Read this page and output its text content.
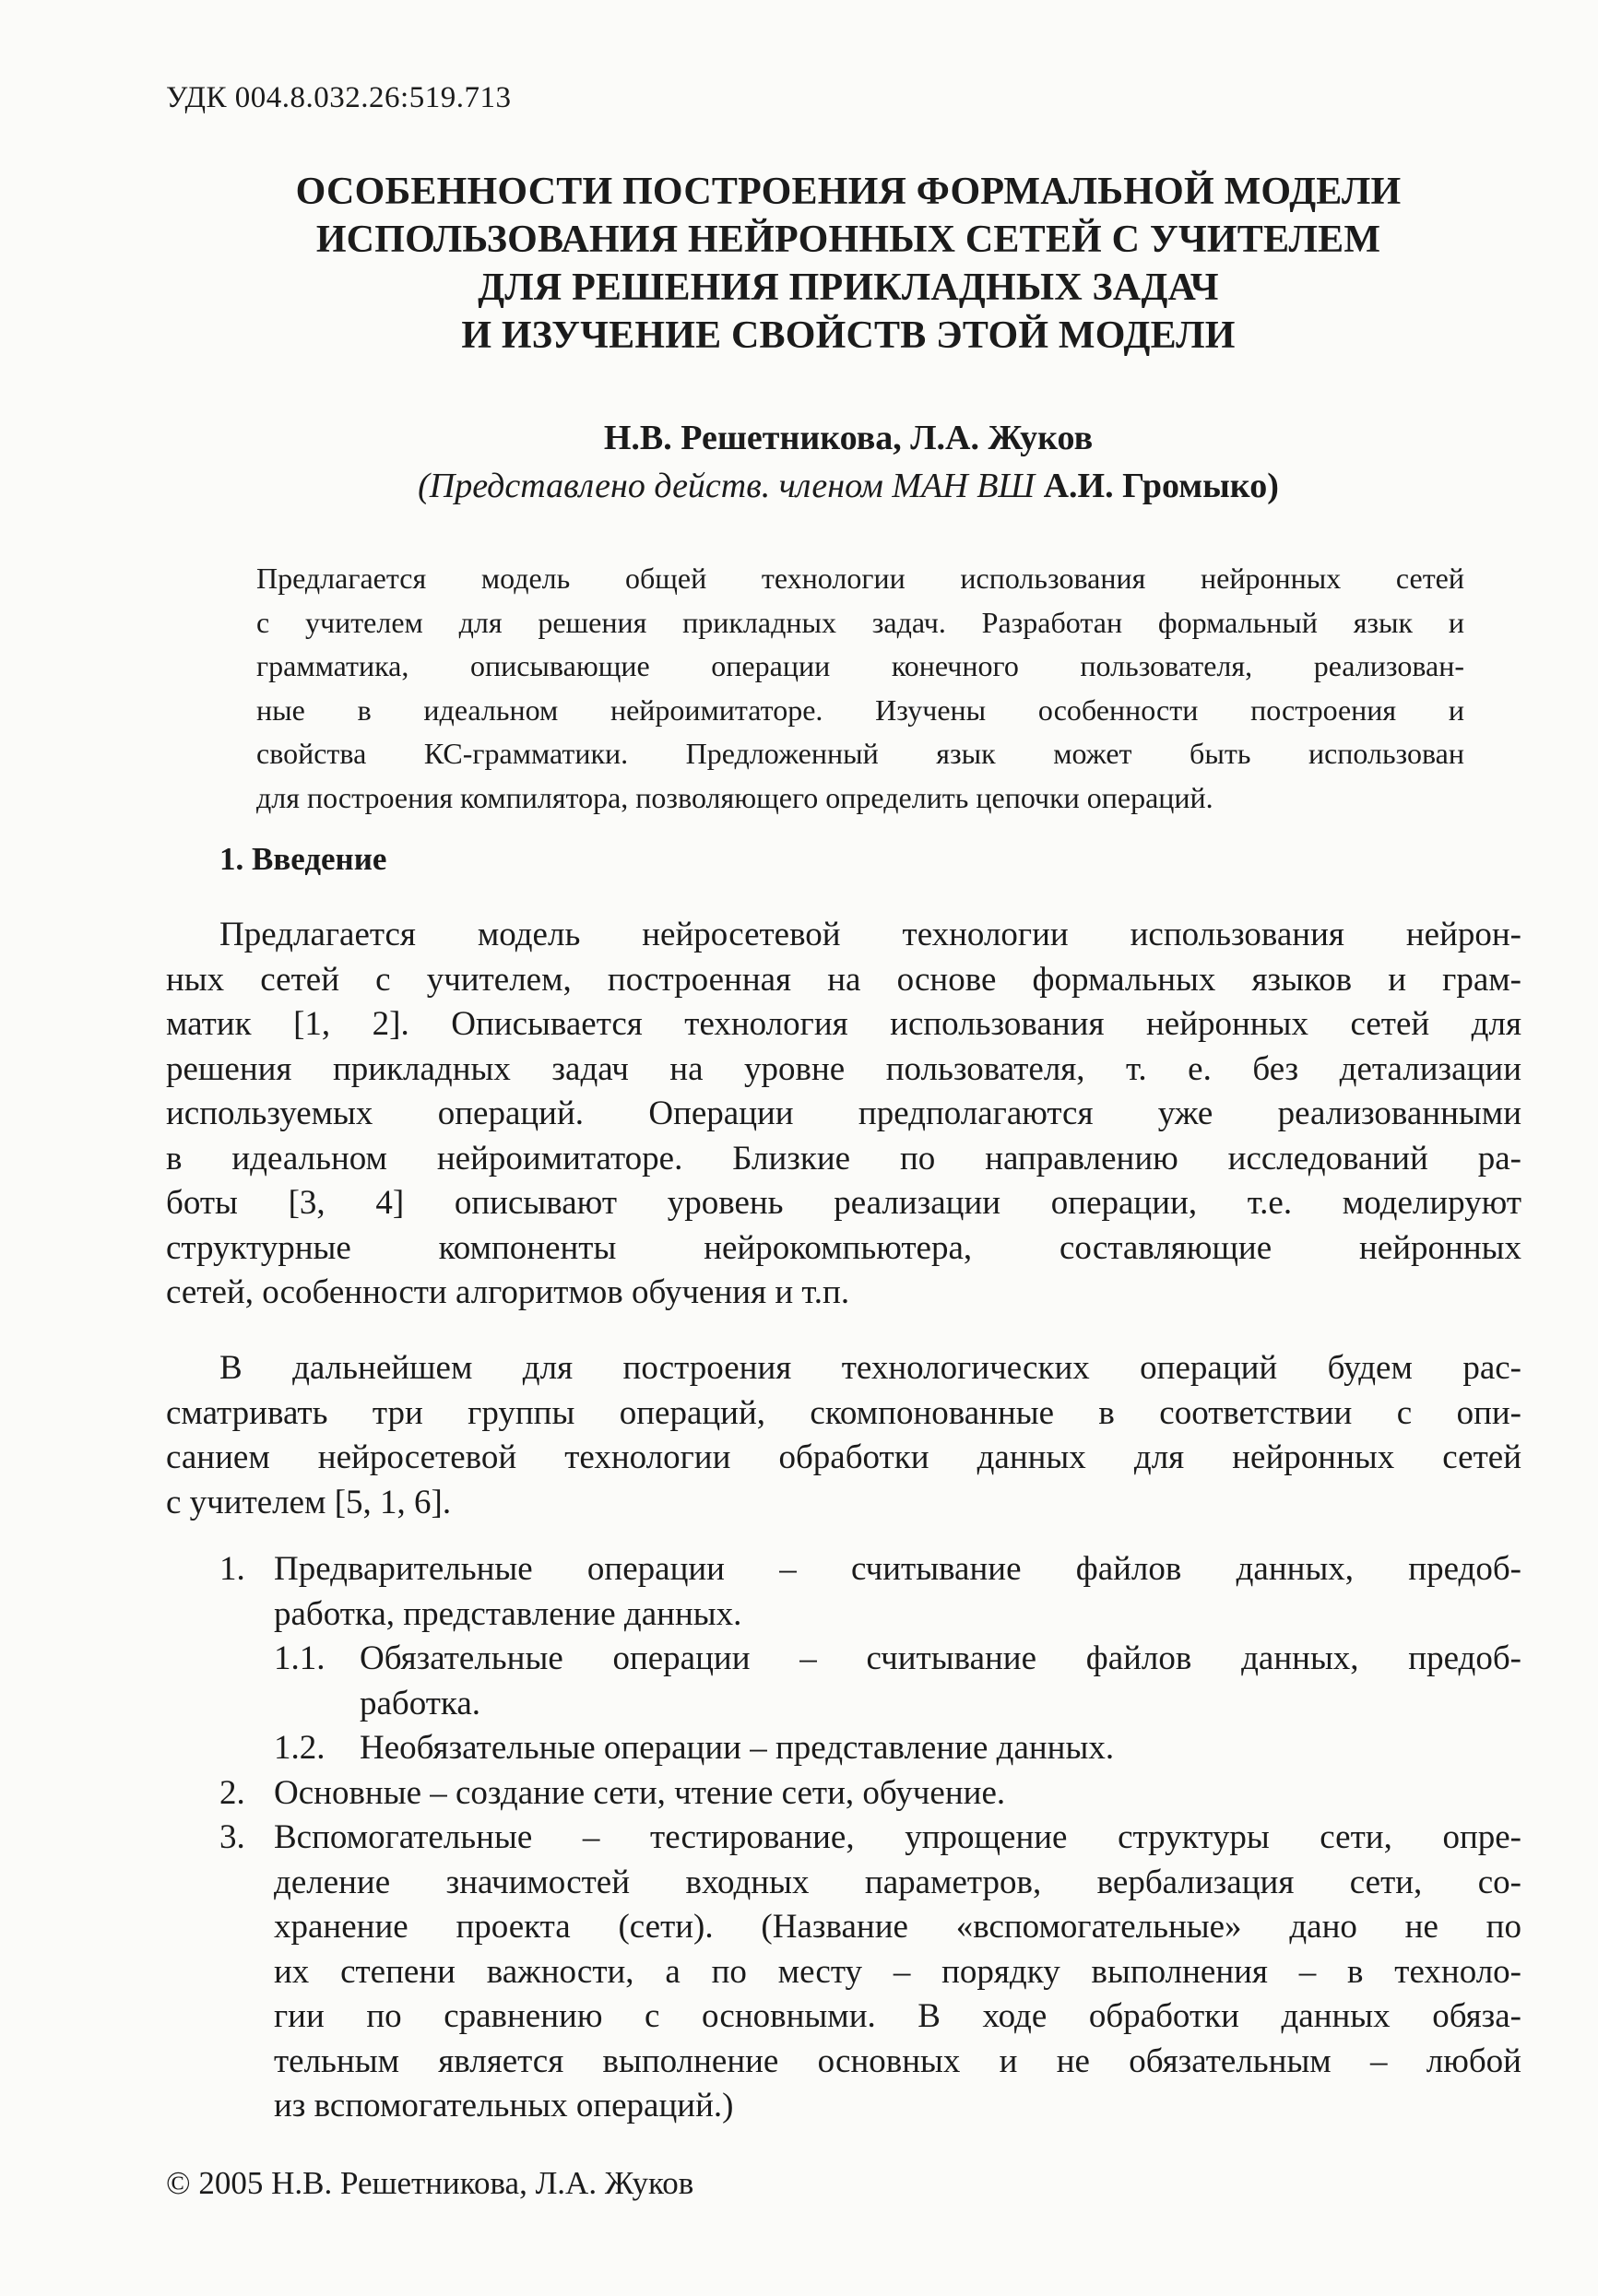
УДК 004.8.032.26:519.713
ОСОБЕННОСТИ ПОСТРОЕНИЯ ФОРМАЛЬНОЙ МОДЕЛИ
ИСПОЛЬЗОВАНИЯ НЕЙРОННЫХ СЕТЕЙ С УЧИТЕЛЕМ
ДЛЯ РЕШЕНИЯ ПРИКЛАДНЫХ ЗАДАЧ
И ИЗУЧЕНИЕ СВОЙСТВ ЭТОЙ МОДЕЛИ
Н.В. Решетникова, Л.А. Жуков
(Представлено действ. членом МАН ВШ А.И. Громыко)
Предлагается модель общей технологии использования нейронных сетей
с учителем для решения прикладных задач. Разработан формальный язык и
грамматика, описывающие операции конечного пользователя, реализован-
ные в идеальном нейроимитаторе. Изучены особенности построения и
свойства КС-грамматики. Предложенный язык может быть использован
для построения компилятора, позволяющего определить цепочки операций.
1. Введение
Предлагается модель нейросетевой технологии использования нейрон-
ных сетей с учителем, построенная на основе формальных языков и грам-
матик [1, 2]. Описывается технология использования нейронных сетей для
решения прикладных задач на уровне пользователя, т. е. без детализации
используемых операций. Операции предполагаются уже реализованными
в идеальном нейроимитаторе. Близкие по направлению исследований ра-
боты [3, 4] описывают уровень реализации операции, т.е. моделируют
структурные компоненты нейрокомпьютера, составляющие нейронных
сетей, особенности алгоритмов обучения и т.п.
В дальнейшем для построения технологических операций будем рас-
сматривать три группы операций, скомпонованные в соответствии с опи-
санием нейросетевой технологии обработки данных для нейронных сетей
с учителем [5, 1, 6].
1. Предварительные операции – считывание файлов данных, предоб-
работка, представление данных.
1.1. Обязательные операции – считывание файлов данных, предоб-
работка.
1.2. Необязательные операции – представление данных.
2. Основные – создание сети, чтение сети, обучение.
3. Вспомогательные – тестирование, упрощение структуры сети, опре-
деление значимостей входных параметров, вербализация сети, со-
хранение проекта (сети). (Название «вспомогательные» дано не по
их степени важности, а по месту – порядку выполнения – в техноло-
гии по сравнению с основными. В ходе обработки данных обяза-
тельным является выполнение основных и не обязательным – любой
из вспомогательных операций.)
© 2005 Н.В. Решетникова, Л.А. Жуков
